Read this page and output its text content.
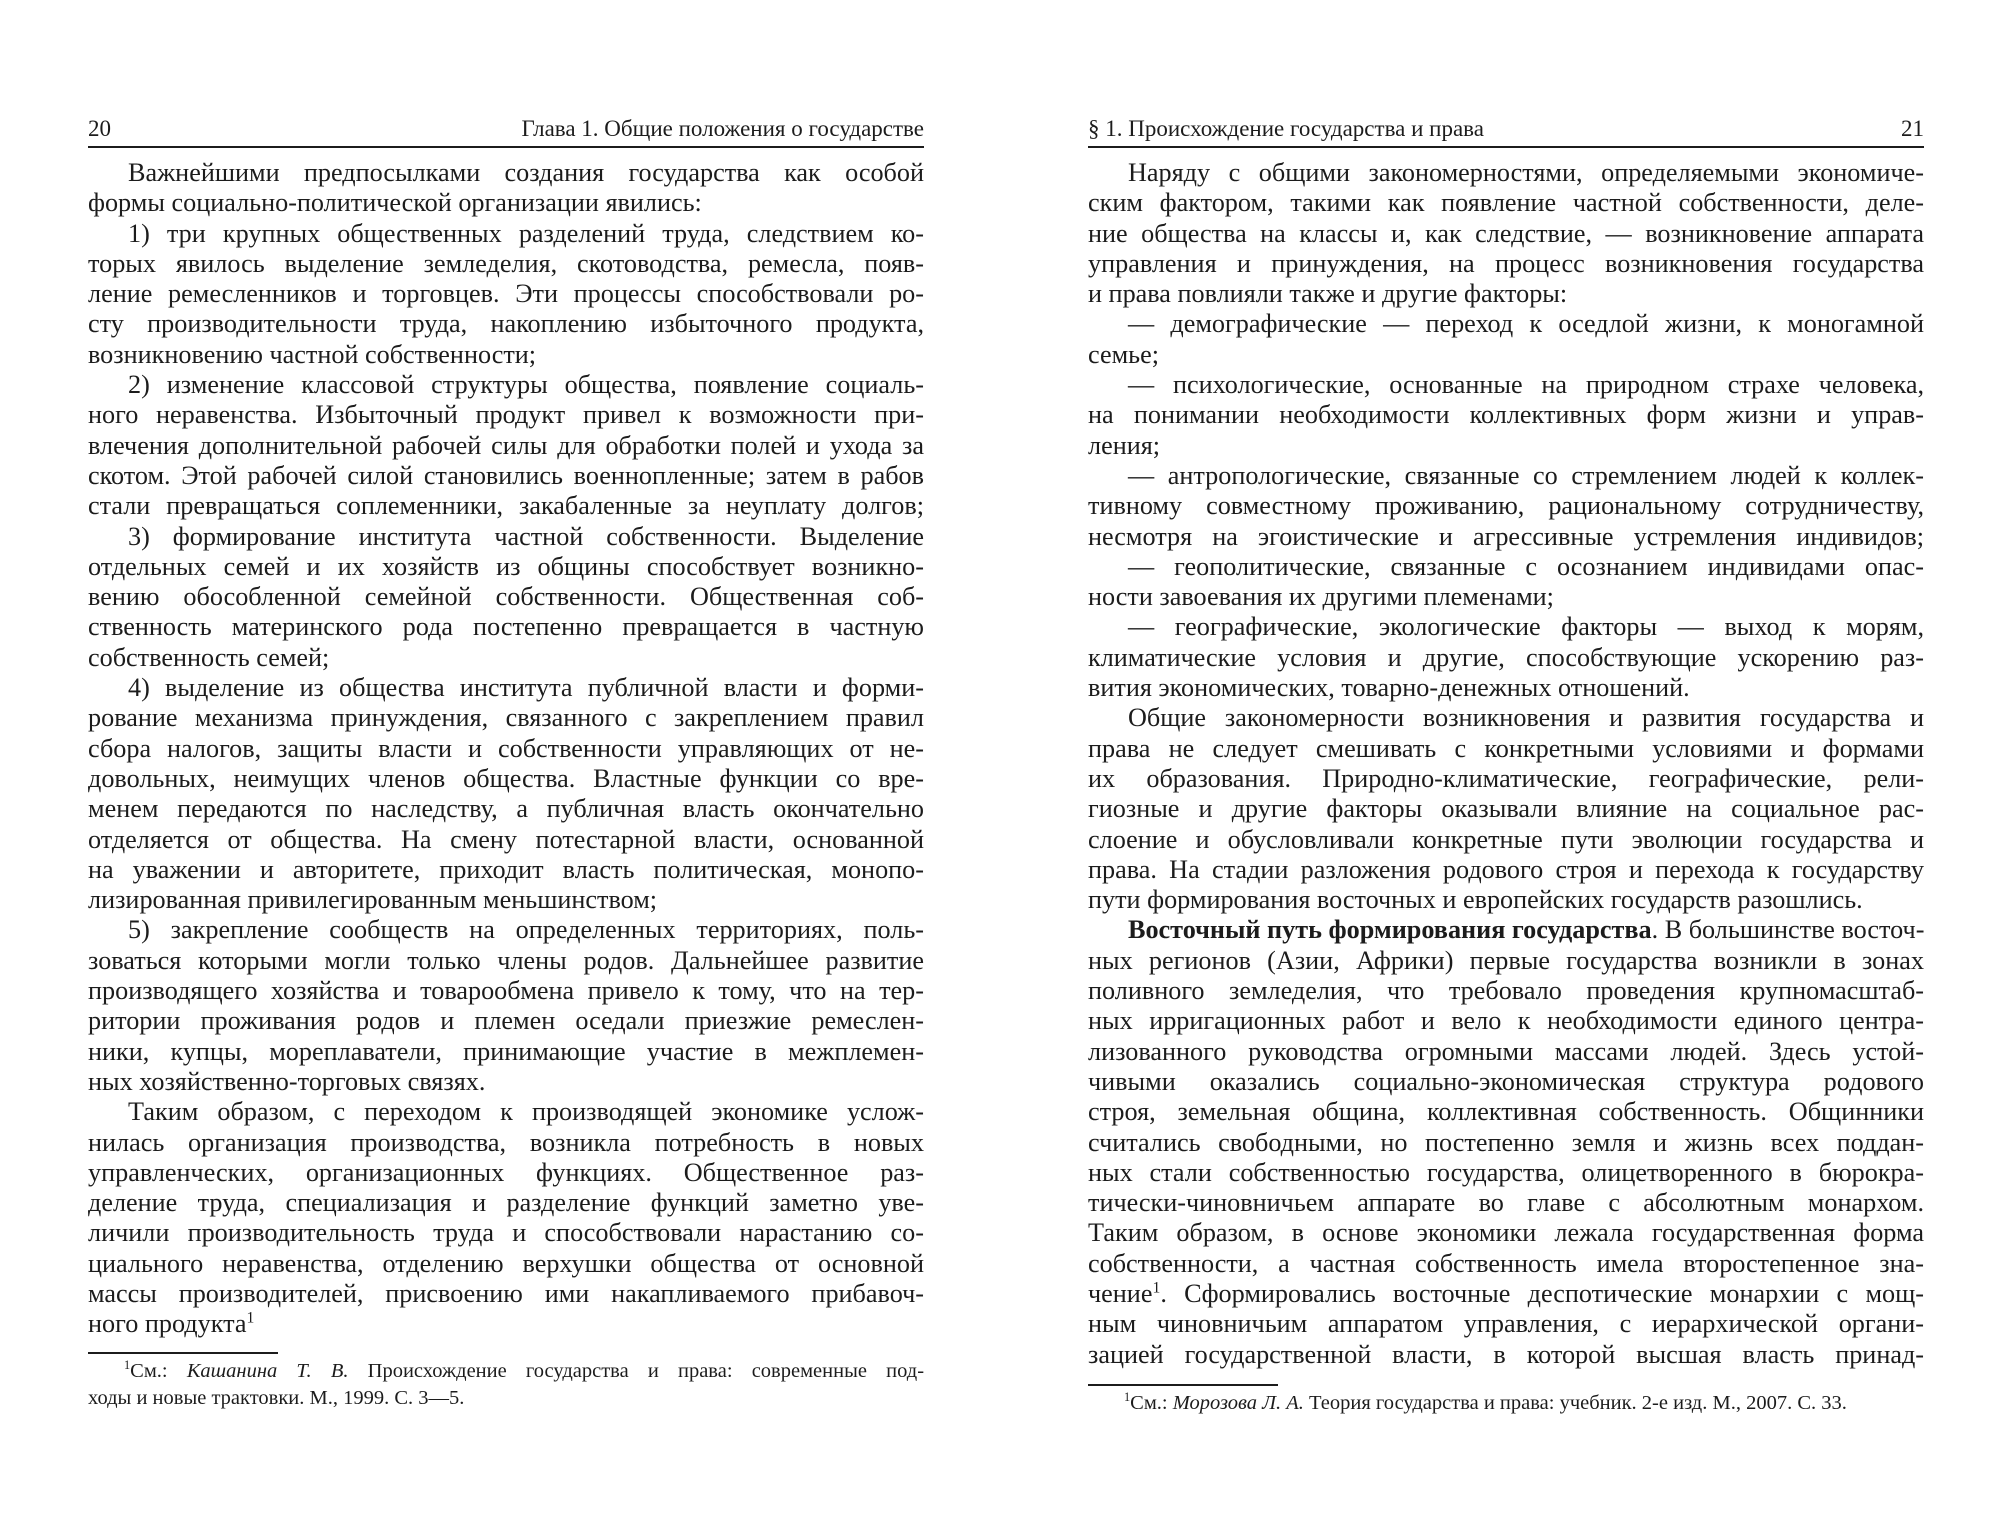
20	Глава 1. Общие положения о государстве
Важнейшими предпосылками создания государства как особой
формы социально-политической организации явились:
1) три крупных общественных разделений труда, следствием ко-
торых явилось выделение земледелия, скотоводства, ремесла, появ-
ление ремесленников и торговцев. Эти процессы способствовали ро-
сту производительности труда, накоплению избыточного продукта,
возникновению частной собственности;
2) изменение классовой структуры общества, появление социаль-
ного неравенства. Избыточный продукт привел к возможности при-
влечения дополнительной рабочей силы для обработки полей и ухода за
скотом. Этой рабочей силой становились военнопленные; затем в рабов
стали превращаться соплеменники, закабаленные за неуплату долгов;
3) формирование института частной собственности. Выделение
отдельных семей и их хозяйств из общины способствует возникно-
вению обособленной семейной собственности. Общественная соб-
ственность материнского рода постепенно превращается в частную
собственность семей;
4) выделение из общества института публичной власти и форми-
рование механизма принуждения, связанного с закреплением правил
сбора налогов, защиты власти и собственности управляющих от не-
довольных, неимущих членов общества. Властные функции со вре-
менем передаются по наследству, а публичная власть окончательно
отделяется от общества. На смену потестарной власти, основанной
на уважении и авторитете, приходит власть политическая, монопо-
лизированная привилегированным меньшинством;
5) закрепление сообществ на определенных территориях, поль-
зоваться которыми могли только члены родов. Дальнейшее развитие
производящего хозяйства и товарообмена привело к тому, что на тер-
ритории проживания родов и племен оседали приезжие ремеслен-
ники, купцы, мореплаватели, принимающие участие в межплемен-
ных хозяйственно-торговых связях.
Таким образом, с переходом к производящей экономике услож-
нилась организация производства, возникла потребность в новых
управленческих, организационных функциях. Общественное раз-
деление труда, специализация и разделение функций заметно уве-
личили производительность труда и способствовали нарастанию со-
циального неравенства, отделению верхушки общества от основной
массы производителей, присвоению ими накапливаемого прибавоч-
ного продукта$^1$
$^1$См.: Кашанина Т. В. Происхождение государства и права: современные под-
ходы и новые трактовки. М., 1999. С. 3—5.
§ 1. Происхождение государства и права	21
Наряду с общими закономерностями, определяемыми экономиче-
ским фактором, такими как появление частной собственности, деле-
ние общества на классы и, как следствие, — возникновение аппарата
управления и принуждения, на процесс возникновения государства
и права повлияли также и другие факторы:
— демографические — переход к оседлой жизни, к моногамной
семье;
— психологические, основанные на природном страхе человека,
на понимании необходимости коллективных форм жизни и управ-
ления;
— антропологические, связанные со стремлением людей к коллек-
тивному совместному проживанию, рациональному сотрудничеству,
несмотря на эгоистические и агрессивные устремления индивидов;
— геополитические, связанные с осознанием индивидами опас-
ности завоевания их другими племенами;
— географические, экологические факторы — выход к морям,
климатические условия и другие, способствующие ускорению раз-
вития экономических, товарно-денежных отношений.
Общие закономерности возникновения и развития государства и
права не следует смешивать с конкретными условиями и формами
их образования. Природно-климатические, географические, рели-
гиозные и другие факторы оказывали влияние на социальное рас-
слоение и обусловливали конкретные пути эволюции государства и
права. На стадии разложения родового строя и перехода к государству
пути формирования восточных и европейских государств разошлись.
Восточный путь формирования государства. В большинстве восточ-
ных регионов (Азии, Африки) первые государства возникли в зонах
поливного земледелия, что требовало проведения крупномасштаб-
ных ирригационных работ и вело к необходимости единого центра-
лизованного руководства огромными массами людей. Здесь устой-
чивыми оказались социально-экономическая структура родового
строя, земельная община, коллективная собственность. Общинники
считались свободными, но постепенно земля и жизнь всех поддан-
ных стали собственностью государства, олицетворенного в бюрокра-
тически-чиновничьем аппарате во главе с абсолютным монархом.
Таким образом, в основе экономики лежала государственная форма
собственности, а частная собственность имела второстепенное зна-
чение$^1$. Сформировались восточные деспотические монархии с мощ-
ным чиновничьим аппаратом управления, с иерархической органи-
зацией государственной власти, в которой высшая власть принад-
$^1$См.: Морозова Л. А. Теория государства и права: учебник. 2-е изд. М., 2007. С. 33.
